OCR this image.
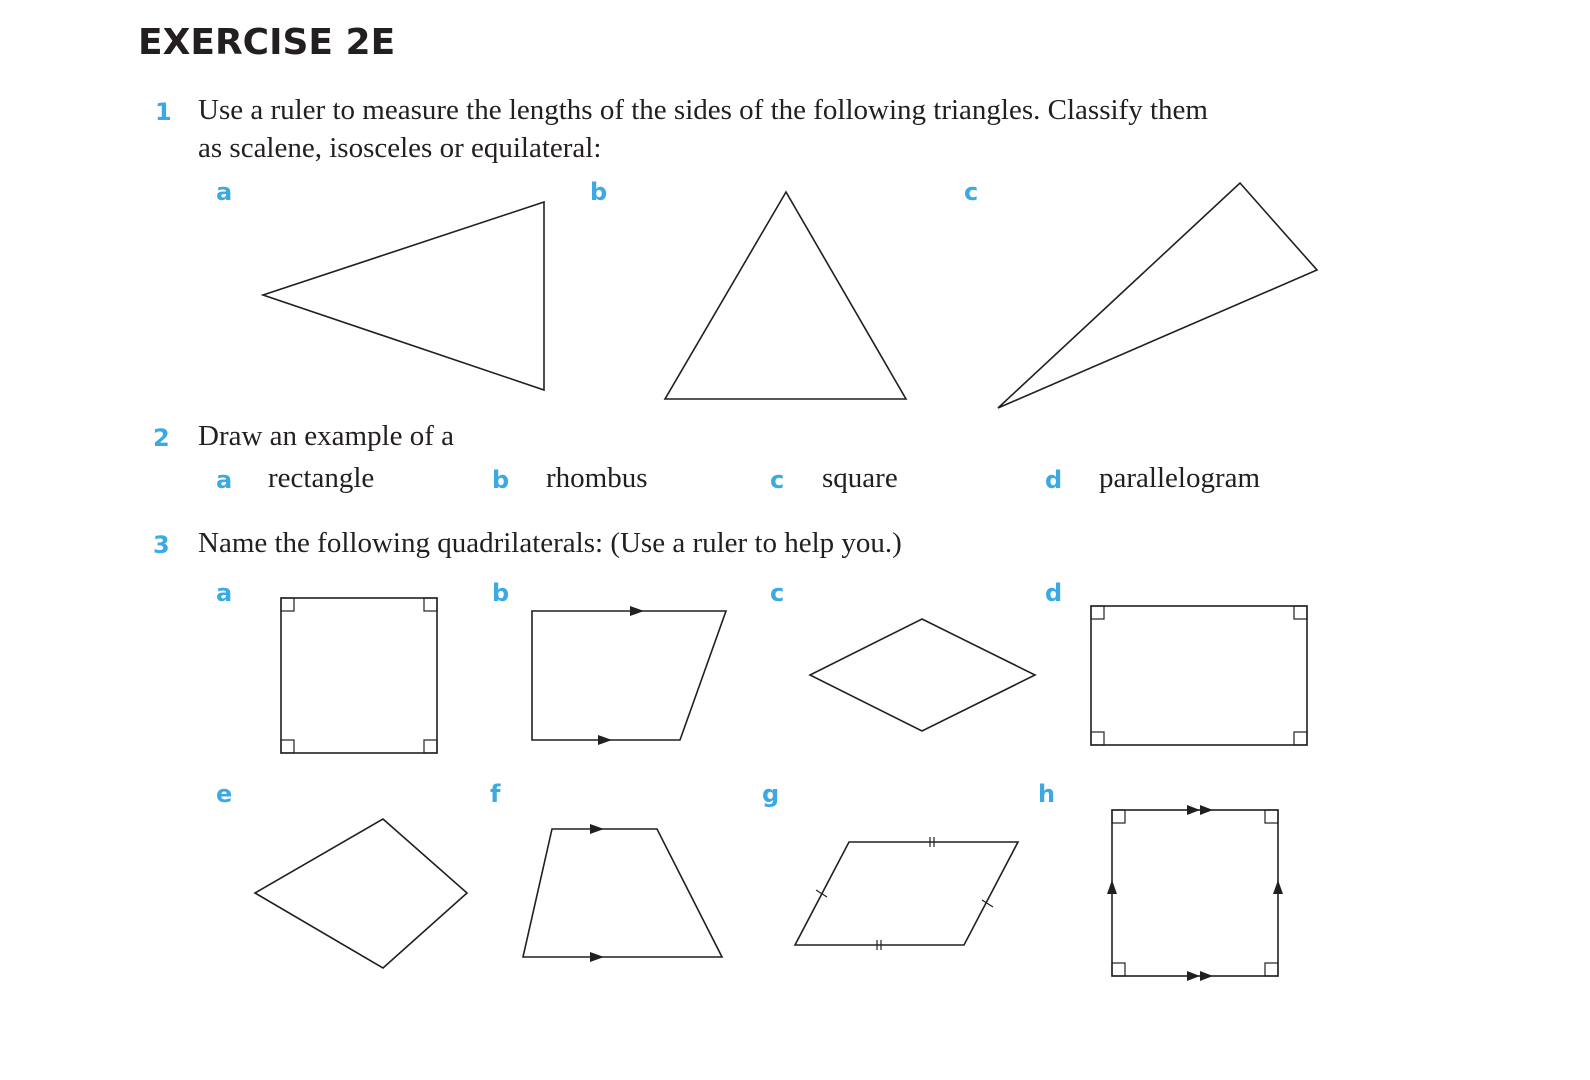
EXERCISE 2E
1 Use a ruler to measure the lengths of the sides of the following triangles. Classify them
as scalene, isosceles or equilateral:
a	b	c
2 Draw an example of a
a rectangle	b rhombus	c square	d parallelogram
3 Name the following quadrilaterals: (Use a ruler to help you.)
a	b	c	d
e	f	g	h
